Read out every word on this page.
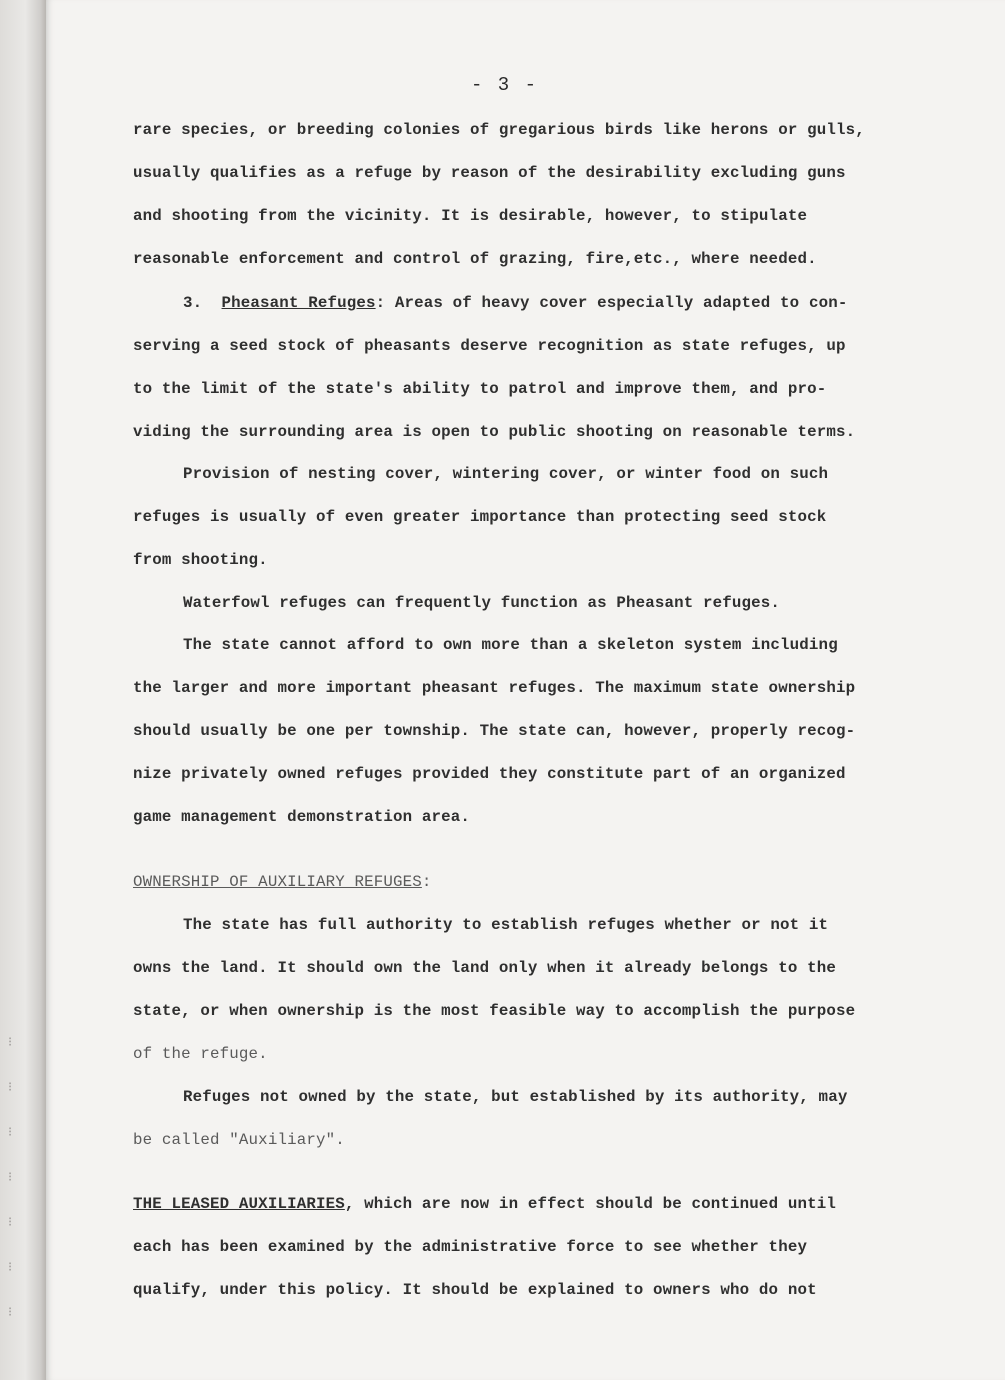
⁝
⁝
⁝
⁝
⁝
⁝
⁝
- 3 -

rare species, or breeding colonies of gregarious birds like herons or gulls,

usually qualifies as a refuge by reason of the desirability excluding guns

and shooting from the vicinity. It is desirable, however, to stipulate

reasonable enforcement and control of grazing, fire,etc., where needed.

3. Pheasant Refuges: Areas of heavy cover especially adapted to con-

serving a seed stock of pheasants deserve recognition as state refuges, up

to the limit of the state's ability to patrol and improve them, and pro-

viding the surrounding area is open to public shooting on reasonable terms.

Provision of nesting cover, wintering cover, or winter food on such

refuges is usually of even greater importance than protecting seed stock

from shooting.

Waterfowl refuges can frequently function as Pheasant refuges.

The state cannot afford to own more than a skeleton system including

the larger and more important pheasant refuges. The maximum state ownership

should usually be one per township. The state can, however, properly recog-

nize privately owned refuges provided they constitute part of an organized

game management demonstration area.

OWNERSHIP OF AUXILIARY REFUGES:

The state has full authority to establish refuges whether or not it

owns the land. It should own the land only when it already belongs to the

state, or when ownership is the most feasible way to accomplish the purpose

of the refuge.

Refuges not owned by the state, but established by its authority, may

be called "Auxiliary".

THE LEASED AUXILIARIES, which are now in effect should be continued until

each has been examined by the administrative force to see whether they

qualify, under this policy. It should be explained to owners who do not
